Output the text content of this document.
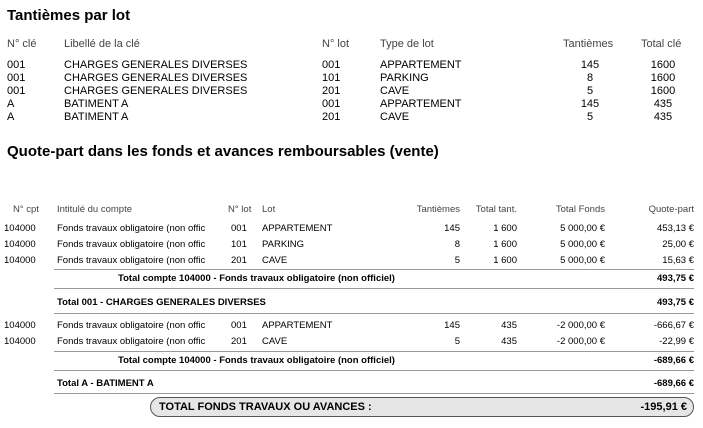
Tantièmes par lot
N° clé	Libellé de la clé	N° lot	Type de lot	Tantièmes	Total clé
001	CHARGES GENERALES DIVERSES	001	APPARTEMENT	145	1600
001	CHARGES GENERALES DIVERSES	101	PARKING	8	1600
001	CHARGES GENERALES DIVERSES	201	CAVE	5	1600
A	BATIMENT A	001	APPARTEMENT	145	435
A	BATIMENT A	201	CAVE	5	435
Quote-part dans les fonds et avances remboursables (vente)
N° cpt Intitulé du compte	N° lot Lot	Tantièmes	Total tant.	Total Fonds	Quote-part
104000 Fonds travaux obligatoire (non offic	001 APPARTEMENT	145	1 600	5 000,00 €	453,13 €
104000 Fonds travaux obligatoire (non offic	101 PARKING	8	1 600	5 000,00 €	25,00 €
104000 Fonds travaux obligatoire (non offic	201 CAVE	5	1 600	5 000,00 €	15,63 €
Total compte 104000 - Fonds travaux obligatoire (non officiel)	493,75 €
Total 001 - CHARGES GENERALES DIVERSES	493,75 €
104000 Fonds travaux obligatoire (non offic	001 APPARTEMENT	145	435	-2 000,00 €	-666,67 €
104000 Fonds travaux obligatoire (non offic	201 CAVE	5	435	-2 000,00 €	-22,99 €
Total compte 104000 - Fonds travaux obligatoire (non officiel)	-689,66 €
Total A - BATIMENT A	-689,66 €
TOTAL FONDS TRAVAUX OU AVANCES :	-195,91 €
